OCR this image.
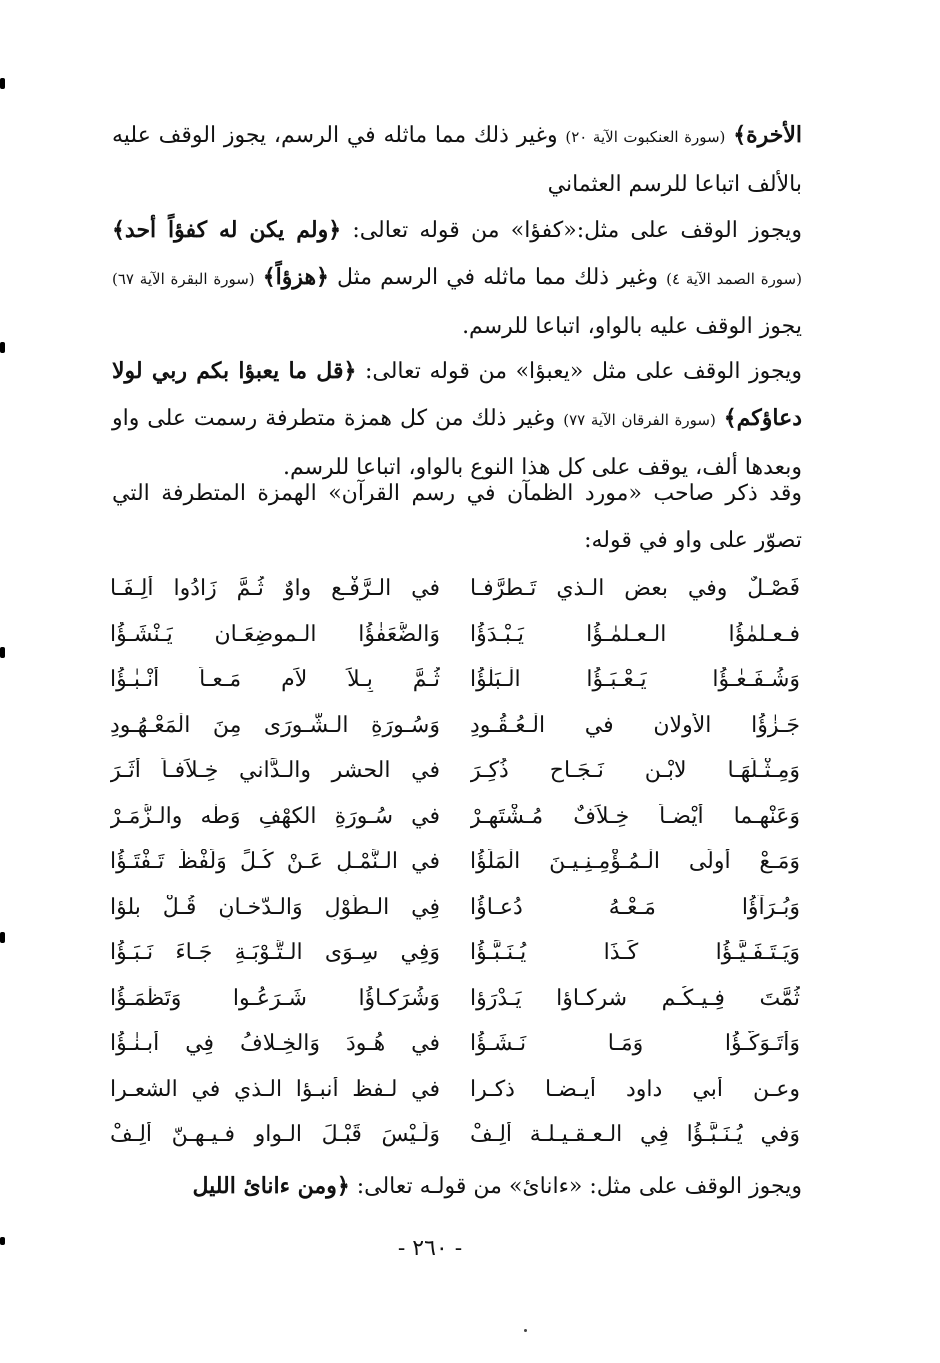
الأخرة﴾ (سورة العنكبوت الآية ٢٠) وغير ذلك مما ماثله في الرسم، يجوز الوقف عليه بالألف اتباعا للرسم العثماني
ويجوز الوقف على مثل:«كفؤا» من قوله تعالى: ﴿ولم يكن له كفؤاً أحد﴾ (سورة الصمد الآية ٤) وغير ذلك مما ماثله في الرسم مثل ﴿هزؤاً﴾ (سورة البقرة الآية ٦٧) يجوز الوقف عليه بالواو، اتباعا للرسم.
ويجوز الوقف على مثل «يعبؤا» من قوله تعالى: ﴿قل ما يعبؤا بكم ربي لولا دعاؤكم﴾ (سورة الفرقان الآية ٧٧) وغير ذلك من كل همزة متطرفة رسمت على واو وبعدها ألف، يوقف على كل هذا النوع بالواو، اتباعا للرسم.
وقد ذكر صاحب «مورد الظمآن في رسم القرآن» الهمزة المتطرفة التي تصوّر على واو في قوله:
فَصْـلٌ وفي بعض الـذي تَـطرَّفـا
في الـرَّفْـعِ واوٌ ثُـمَّ زَادُوا أَلِـفَـا
فـعـلمٰؤُا الـعـلمٰـؤُا يَـبْـدَؤُا
وَالضُّعَفٰؤُا الـموضِعَـان يَـنْشَـؤُا
وَشُـفَـعٰـؤُا يَـعْـبَـؤُا الْـبَلٰؤُا
ثُـمَّ بِـلاَ لاَمٍ مَـعـاً أَنْـبٰـؤُا
جَـزٰؤُا الأولان في الْـعُـقُـودِ
وَسُـورَةِ الـشُّـورَى مِنَ الْمَعْـهُـودِ
وَمِـثْـلُهَـا لابْـنِ نَـجَـاحٍ ذُكِـرَ
في الحشر والـدَّاني خِـلاَفـاً أثَـرَ
وَعَنْهـما أيْضـاً خِـلاَفٌ مُـشْتَهِـرْ
في سُـورَةِ الكهْفِ وَطٰه والـزُّمَـرْ
وَمَـعْ أُولَى الْـمُـؤْمِـنِـيـنَ الْمَلَؤُا
في الـنَّمْـلِ عَـنْ كُـلٍّ وَلَفْظُ تَـفْتَـؤُا
وَبُـرَآؤُا مَـعْـهُ دُعـاؤُا
فِي الـطَّوْلِ وَالـدّخـانِ قُـلْ بلؤا
وَيَـتَـفَـيَّـؤُا كَـذَا يُـنَـبَّـؤُا
وَفِي سِـوَى الـتَّـوْبَـةِ جَـاءَ نَـبَـؤُا
ثُمَّتَ فِـيـكُـم شركـاؤا يَـدْرَؤا
وَشُرَكـاؤُا شَـرَعُـوا وَتَظْمَـؤُا
وَأَتَـوَكَّـؤُا وَمَـا نَـشَـؤُا
في هُـودَ وَالخِـلافُ فِي أَبـنٰـؤُا
وعـن أبي داود أيـضـا ذكـرا
في لـفظ أنبـؤا الـذي في الشعـرا
وَفي يُـنَـبَّـؤُا فِي الـعـقـيـلـة أَلِـفْ
وَلَـيْسَ قَبْـلَ الـواو فـيـهـنّ أَلِـفْ
ويجوز الوقف على مثل: «ءاناىٔ» من قولـه تعالى: ﴿ومن ءاناىٔ الليل
- ٢٦٠ -
